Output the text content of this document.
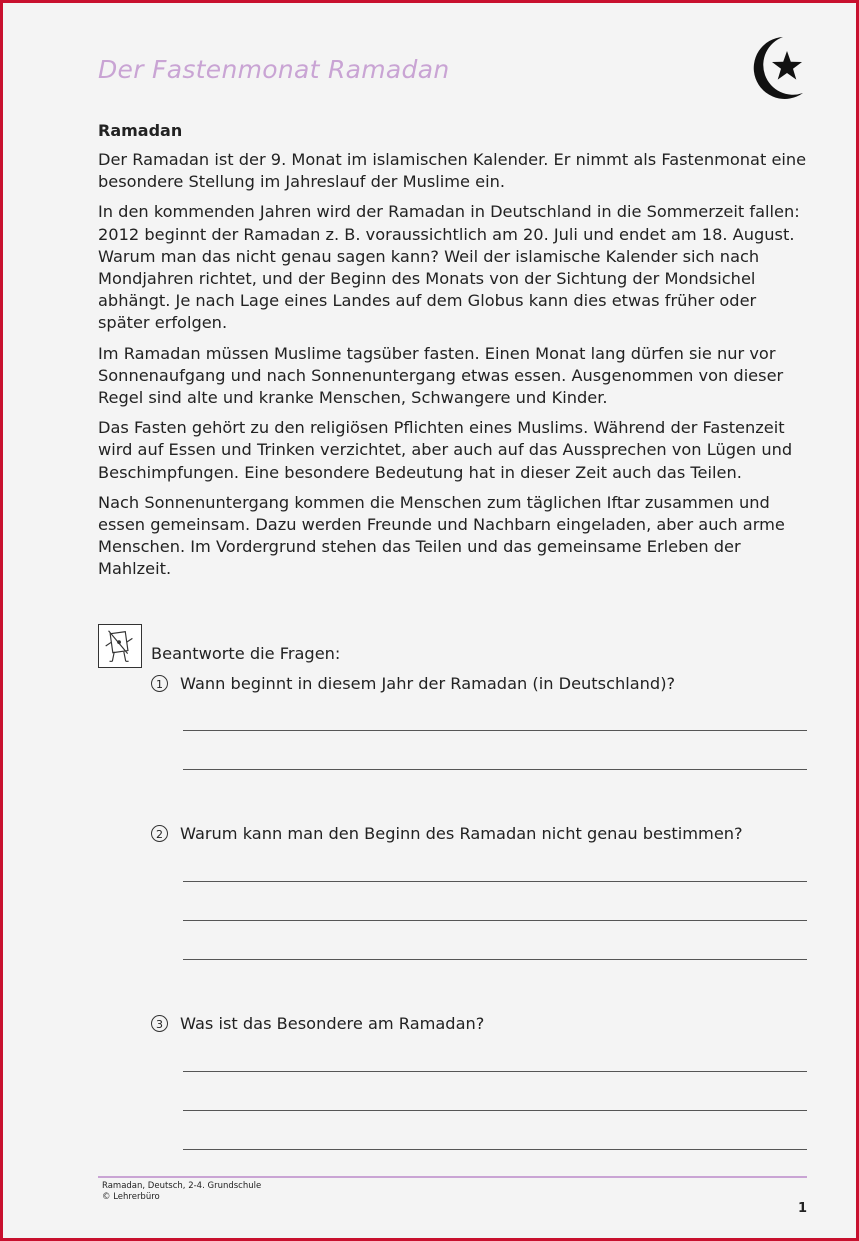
Der Fastenmonat Ramadan
Ramadan

Der Ramadan ist der 9. Monat im islamischen Kalender. Er nimmt als Fastenmonat eine besondere Stellung im Jahreslauf der Muslime ein.

In den kommenden Jahren wird der Ramadan in Deutschland in die Sommerzeit fallen: 2012 beginnt der Ramadan z. B. voraussichtlich am 20. Juli und endet am 18. August. Warum man das nicht genau sagen kann? Weil der islamische Kalender sich nach Mondjahren richtet, und der Beginn des Monats von der Sichtung der Mondsichel abhängt. Je nach Lage eines Landes auf dem Globus kann dies etwas früher oder später erfolgen.

Im Ramadan müssen Muslime tagsüber fasten. Einen Monat lang dürfen sie nur vor Sonnenaufgang und nach Sonnenuntergang etwas essen. Ausgenommen von dieser Regel sind alte und kranke Menschen, Schwangere und Kinder.

Das Fasten gehört zu den religiösen Pflichten eines Muslims. Während der Fastenzeit wird auf Essen und Trinken verzichtet, aber auch auf das Aussprechen von Lügen und Beschimpfungen. Eine besondere Bedeutung hat in dieser Zeit auch das Teilen.

Nach Sonnenuntergang kommen die Menschen zum täglichen Iftar zusammen und essen gemeinsam. Dazu werden Freunde und Nachbarn eingeladen, aber auch arme Menschen. Im Vordergrund stehen das Teilen und das gemeinsame Erleben der Mahlzeit.

Beantworte die Fragen:
1	Wann beginnt in diesem Jahr der Ramadan (in Deutschland)?
2	Warum kann man den Beginn des Ramadan nicht genau bestimmen?
3	Was ist das Besondere am Ramadan?
Ramadan, Deutsch, 2-4. Grundschule
© Lehrerbüro
1
